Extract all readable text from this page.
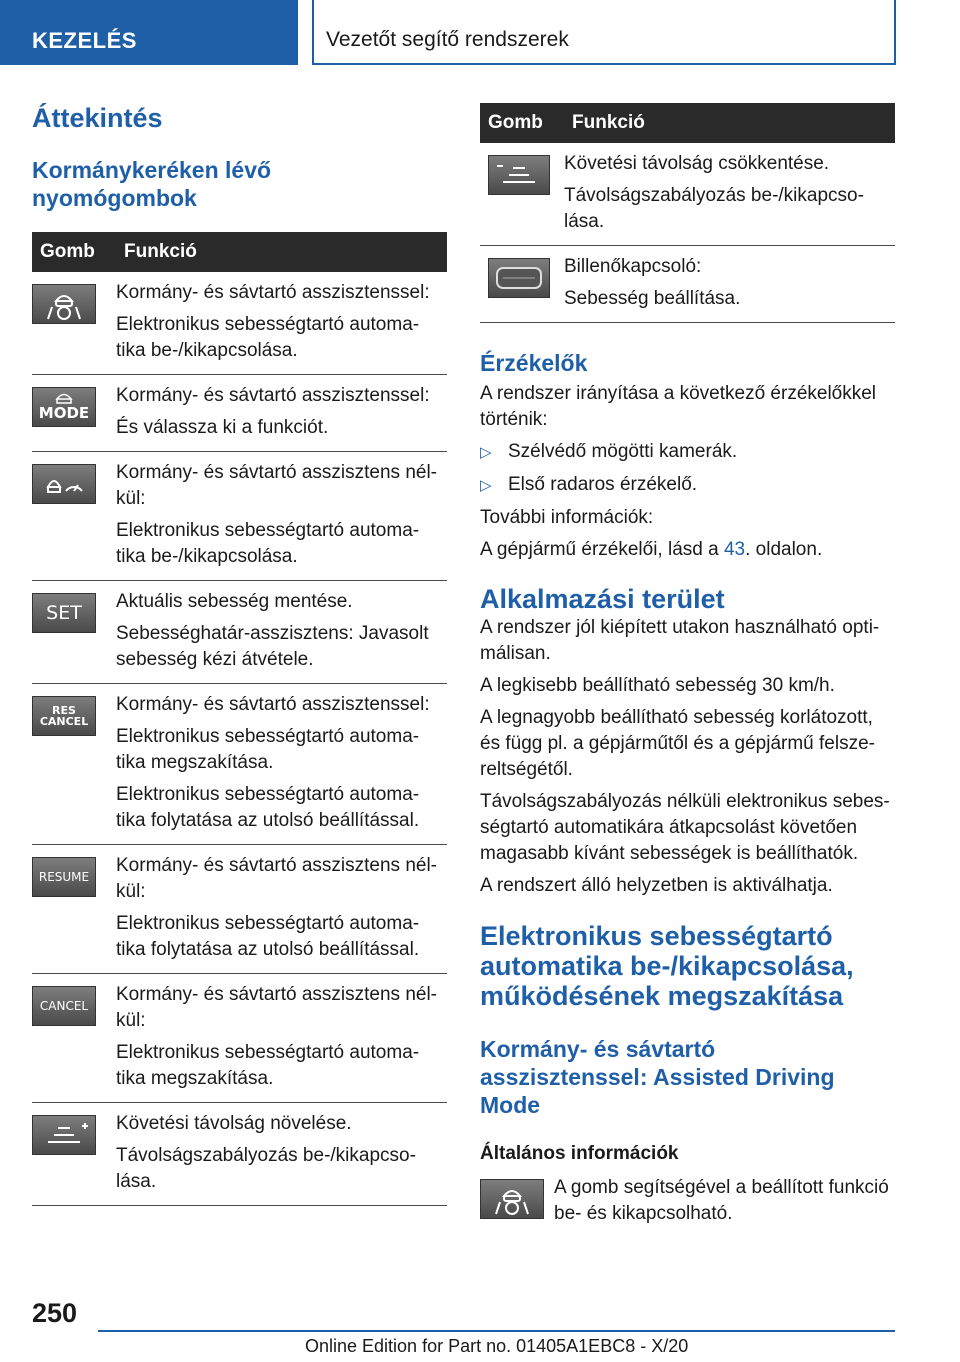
KEZELÉS	Vezetőt segítő rendszerek
Áttekintés
Kormánykeréken lévő nyomógombok
Gomb	Funkció

Kormány- és sávtartó asszisztenssel:
Elektronikus sebességtartó automa-tika be-/kikapcsolása.

MODE	Kormány- és sávtartó asszisztenssel:
És válassza ki a funkciót.

Kormány- és sávtartó asszisztens nél-kül:
Elektronikus sebességtartó automa-tika be-/kikapcsolása.

SET	Aktuális sebesség mentése.
Sebességhatár-asszisztens: Javasolt sebesség kézi átvétele.

RES CANCEL	Kormány- és sávtartó asszisztenssel:
Elektronikus sebességtartó automa-tika megszakítása.
Elektronikus sebességtartó automa-tika folytatása az utolsó beállítással.

RESUME	Kormány- és sávtartó asszisztens nél-kül:
Elektronikus sebességtartó automa-tika folytatása az utolsó beállítással.

CANCEL	Kormány- és sávtartó asszisztens nél-kül:
Elektronikus sebességtartó automa-tika megszakítása.

Követési távolság növelése.
Távolságszabályozás be-/kikapcso-lása.
Gomb	Funkció

Követési távolság csökkentése.
Távolságszabályozás be-/kikapcso-lása.

Billenőkapcsoló:
Sebesség beállítása.
Érzékelők

A rendszer irányítása a következő érzékelőkkel történik:

▷ Szélvédő mögötti kamerák.
▷ Első radaros érzékelő.

További információk:

A gépjármű érzékelői, lásd a 43. oldalon.

Alkalmazási terület

A rendszer jól kiépített utakon használható opti-málisan.

A legkisebb beállítható sebesség 30 km/h.

A legnagyobb beállítható sebesség korlátozott, és függ pl. a gépjárműtől és a gépjármű felsze-reltségétől.

Távolságszabályozás nélküli elektronikus sebes-ségtartó automatikára átkapcsolást követően magasabb kívánt sebességek is beállíthatók.

A rendszert álló helyzetben is aktiválhatja.

Elektronikus sebességtartó automatika be-/kikapcsolása, működésének megszakítása
Kormány- és sávtartó asszisztenssel: Assisted Driving Mode
Általános információk

A gomb segítségével a beállított funkció be- és kikapcsolható.

250
Online Edition for Part no. 01405A1EBC8 - X/20
